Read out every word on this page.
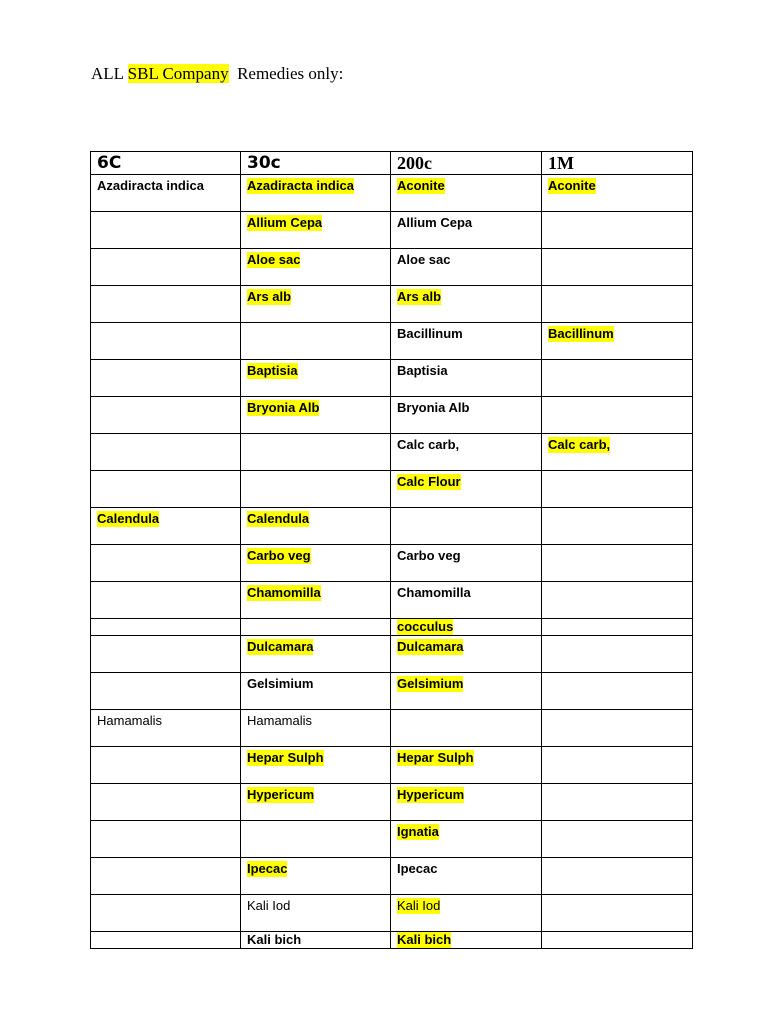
ALL SBL Company  Remedies only:
6C	30c	200c	1M
Azadiracta indica	Azadiracta indica	Aconite	Aconite
	Allium Cepa	Allium Cepa	
	Aloe sac	Aloe sac	
	Ars alb	Ars alb	
		Bacillinum	Bacillinum
	Baptisia	Baptisia	
	Bryonia Alb	Bryonia Alb	
		Calc carb,	Calc carb,
		Calc Flour	
Calendula	Calendula		
	Carbo veg	Carbo veg	
	Chamomilla	Chamomilla	
		cocculus	
	Dulcamara	Dulcamara	
	Gelsimium	Gelsimium	
Hamamalis	Hamamalis		
	Hepar Sulph	Hepar Sulph	
	Hypericum	Hypericum	
		Ignatia	
	Ipecac	Ipecac	
	Kali Iod	Kali Iod	
	Kali bich	Kali bich	
